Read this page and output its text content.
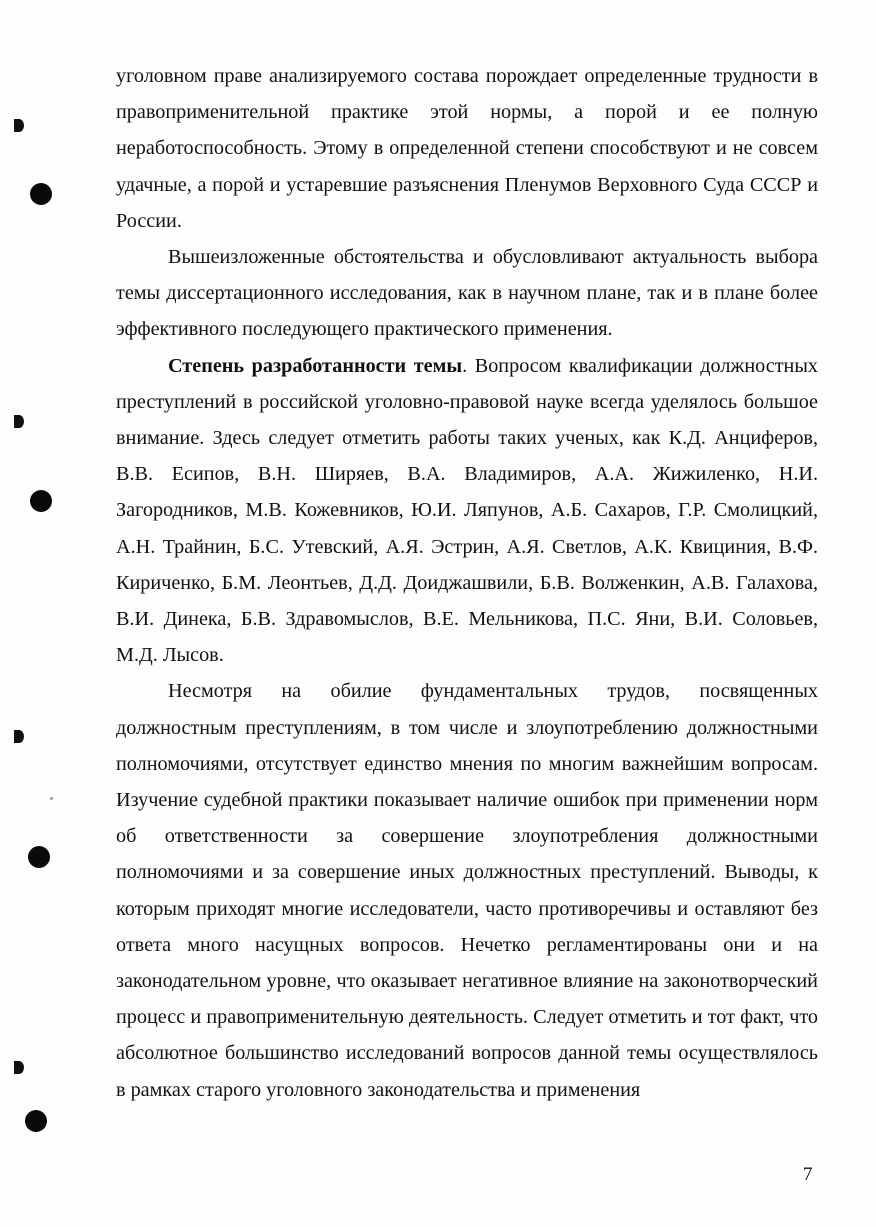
уголовном праве анализируемого состава порождает определенные трудности в правоприменительной практике этой нормы, а порой и ее полную неработоспособность. Этому в определенной степени способствуют и не совсем удачные, а порой и устаревшие разъяснения Пленумов Верховного Суда СССР и России.

Вышеизложенные обстоятельства и обусловливают актуальность выбора темы диссертационного исследования, как в научном плане, так и в плане более эффективного последующего практического применения.

Степень разработанности темы. Вопросом квалификации должностных преступлений в российской уголовно-правовой науке всегда уделялось большое внимание. Здесь следует отметить работы таких ученых, как К.Д. Анциферов, В.В. Есипов, В.Н. Ширяев, В.А. Владимиров, А.А. Жижиленко, Н.И. Загородников, М.В. Кожевников, Ю.И. Ляпунов, А.Б. Сахаров, Г.Р. Смолицкий, А.Н. Трайнин, Б.С. Утевский, А.Я. Эстрин, А.Я. Светлов, А.К. Квициния, В.Ф. Кириченко, Б.М. Леонтьев, Д.Д. Доиджашвили, Б.В. Волженкин, А.В. Галахова, В.И. Динека, Б.В. Здравомыслов, В.Е. Мельникова, П.С. Яни, В.И. Соловьев, М.Д. Лысов.

Несмотря на обилие фундаментальных трудов, посвященных должностным преступлениям, в том числе и злоупотреблению должностными полномочиями, отсутствует единство мнения по многим важнейшим вопросам. Изучение судебной практики показывает наличие ошибок при применении норм об ответственности за совершение злоупотребления должностными полномочиями и за совершение иных должностных преступлений. Выводы, к которым приходят многие исследователи, часто противоречивы и оставляют без ответа много насущных вопросов. Нечетко регламентированы они и на законодательном уровне, что оказывает негативное влияние на законотворческий процесс и правоприменительную деятельность. Следует отметить и тот факт, что абсолютное большинство исследований вопросов данной темы осуществлялось в рамках старого уголовного законодательства и применения

7
